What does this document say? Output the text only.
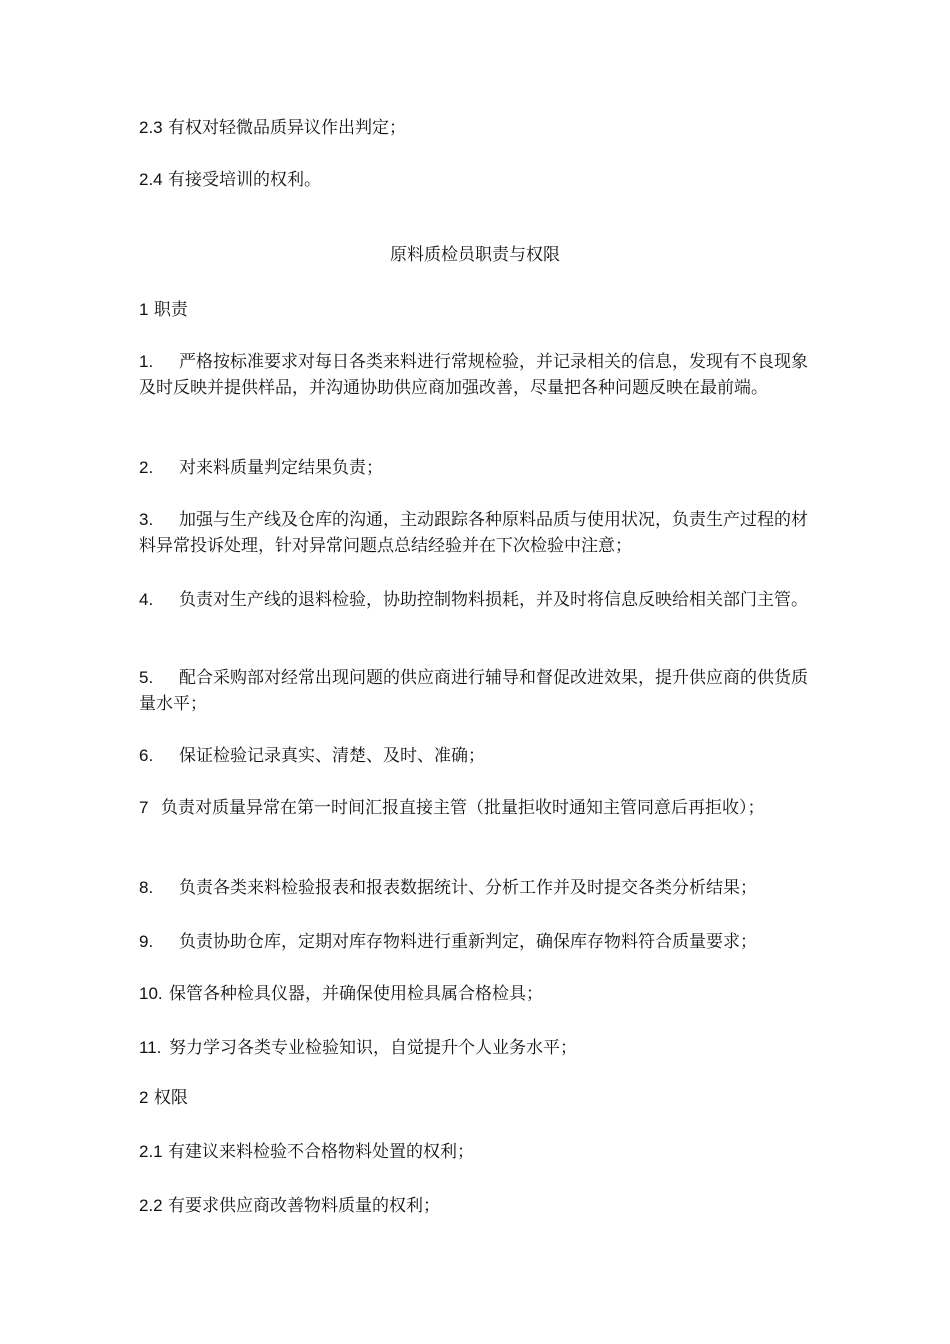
2.3 有权对轻微品质异议作出判定；

2.4 有接受培训的权利。

原料质检员职责与权限

1 职责

1. 严格按标准要求对每日各类来料进行常规检验，并记录相关的信息，发现有不良现象及时反映并提供样品，并沟通协助供应商加强改善，尽量把各种问题反映在最前端。

2. 对来料质量判定结果负责；

3. 加强与生产线及仓库的沟通，主动跟踪各种原料品质与使用状况，负责生产过程的材料异常投诉处理，针对异常问题点总结经验并在下次检验中注意；

4. 负责对生产线的退料检验，协助控制物料损耗，并及时将信息反映给相关部门主管。

5. 配合采购部对经常出现问题的供应商进行辅导和督促改进效果，提升供应商的供货质量水平；

6. 保证检验记录真实、清楚、及时、准确；

7 负责对质量异常在第一时间汇报直接主管（批量拒收时通知主管同意后再拒收）；

8. 负责各类来料检验报表和报表数据统计、分析工作并及时提交各类分析结果；

9. 负责协助仓库，定期对库存物料进行重新判定，确保库存物料符合质量要求；

10. 保管各种检具仪器，并确保使用检具属合格检具；

11. 努力学习各类专业检验知识，自觉提升个人业务水平；

2 权限

2.1 有建议来料检验不合格物料处置的权利；

2.2 有要求供应商改善物料质量的权利；
